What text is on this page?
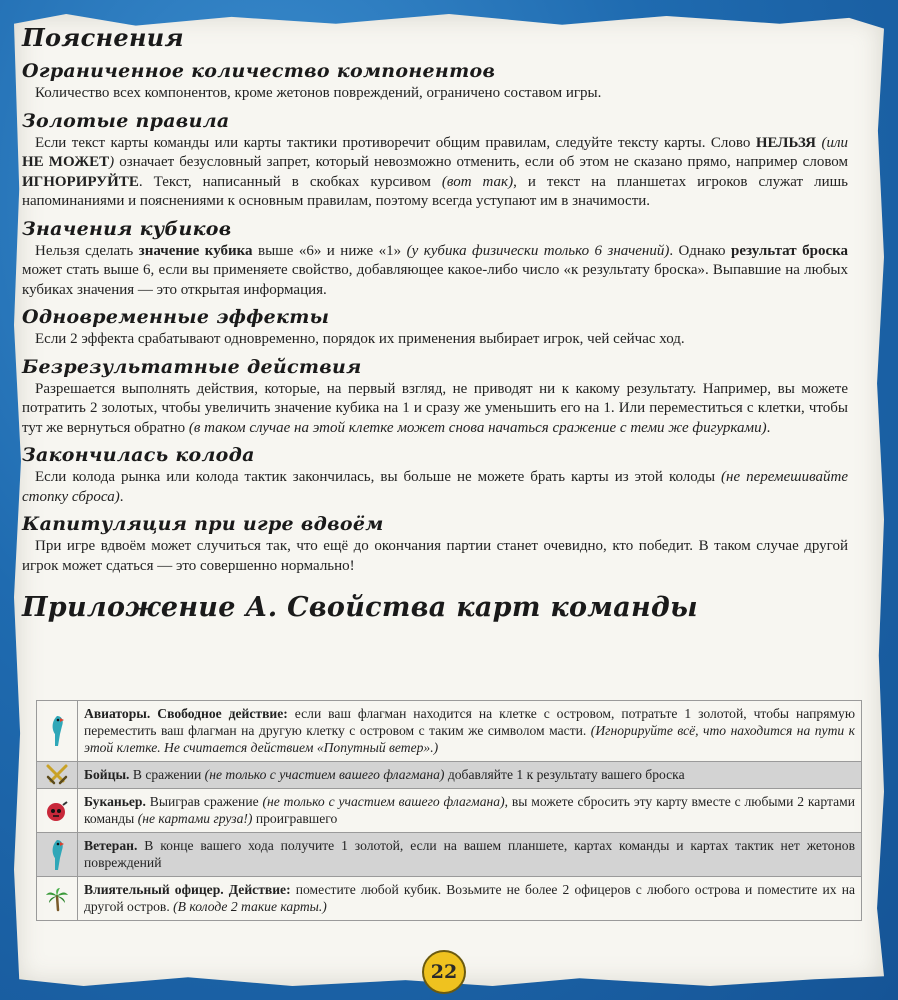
Пояснения
Ограниченное количество компонентов

Количество всех компонентов, кроме жетонов повреждений, ограничено составом игры.

Золотые правила

Если текст карты команды или карты тактики противоречит общим правилам, следуйте тексту карты. Слово НЕЛЬЗЯ (или НЕ МОЖЕТ) означает безусловный запрет, который невозможно отменить, если об этом не сказано прямо, например словом ИГНОРИРУЙТЕ. Текст, написанный в скобках курсивом (вот так), и текст на планшетах игроков служат лишь напоминаниями и пояснениями к основным правилам, поэтому всегда уступают им в значимости.

Значения кубиков

Нельзя сделать значение кубика выше «6» и ниже «1» (у кубика физически только 6 значений). Однако результат броска может стать выше 6, если вы применяете свойство, добавляющее какое-либо число «к результату броска». Выпавшие на любых кубиках значения — это открытая информация.

Одновременные эффекты

Если 2 эффекта срабатывают одновременно, порядок их применения выбирает игрок, чей сейчас ход.

Безрезультатные действия

Разрешается выполнять действия, которые, на первый взгляд, не приводят ни к какому результату. Например, вы можете потратить 2 золотых, чтобы увеличить значение кубика на 1 и сразу же уменьшить его на 1. Или переместиться с клетки, чтобы тут же вернуться обратно (в таком случае на этой клетке может снова начаться сражение с теми же фигурками).

Закончилась колода

Если колода рынка или колода тактик закончилась, вы больше не можете брать карты из этой колоды (не перемешивайте стопку сброса).

Капитуляция при игре вдвоём

При игре вдвоём может случиться так, что ещё до окончания партии станет очевидно, кто победит. В таком случае другой игрок может сдаться — это совершенно нормально!

Приложение А. Свойства карт команды
	Авиаторы. Свободное действие: если ваш флагман находится на клетке с островом, потратьте 1 золотой, чтобы напрямую переместить ваш флагман на другую клетку с островом с таким же символом масти. (Игнорируйте всё, что находится на пути к этой клетке. Не считается действием «Попутный ветер».)

	Бойцы. В сражении (не только с участием вашего флагмана) добавляйте 1 к результату вашего броска

	Буканьер. Выиграв сражение (не только с участием вашего флагмана), вы можете сбросить эту карту вместе с любыми 2 картами команды (не картами груза!) проигравшего

	Ветеран. В конце вашего хода получите 1 золотой, если на вашем планшете, картах команды и картах тактик нет жетонов повреждений

	Влиятельный офицер. Действие: поместите любой кубик. Возьмите не более 2 офицеров с любого острова и поместите их на другой остров. (В колоде 2 такие карты.)
22
